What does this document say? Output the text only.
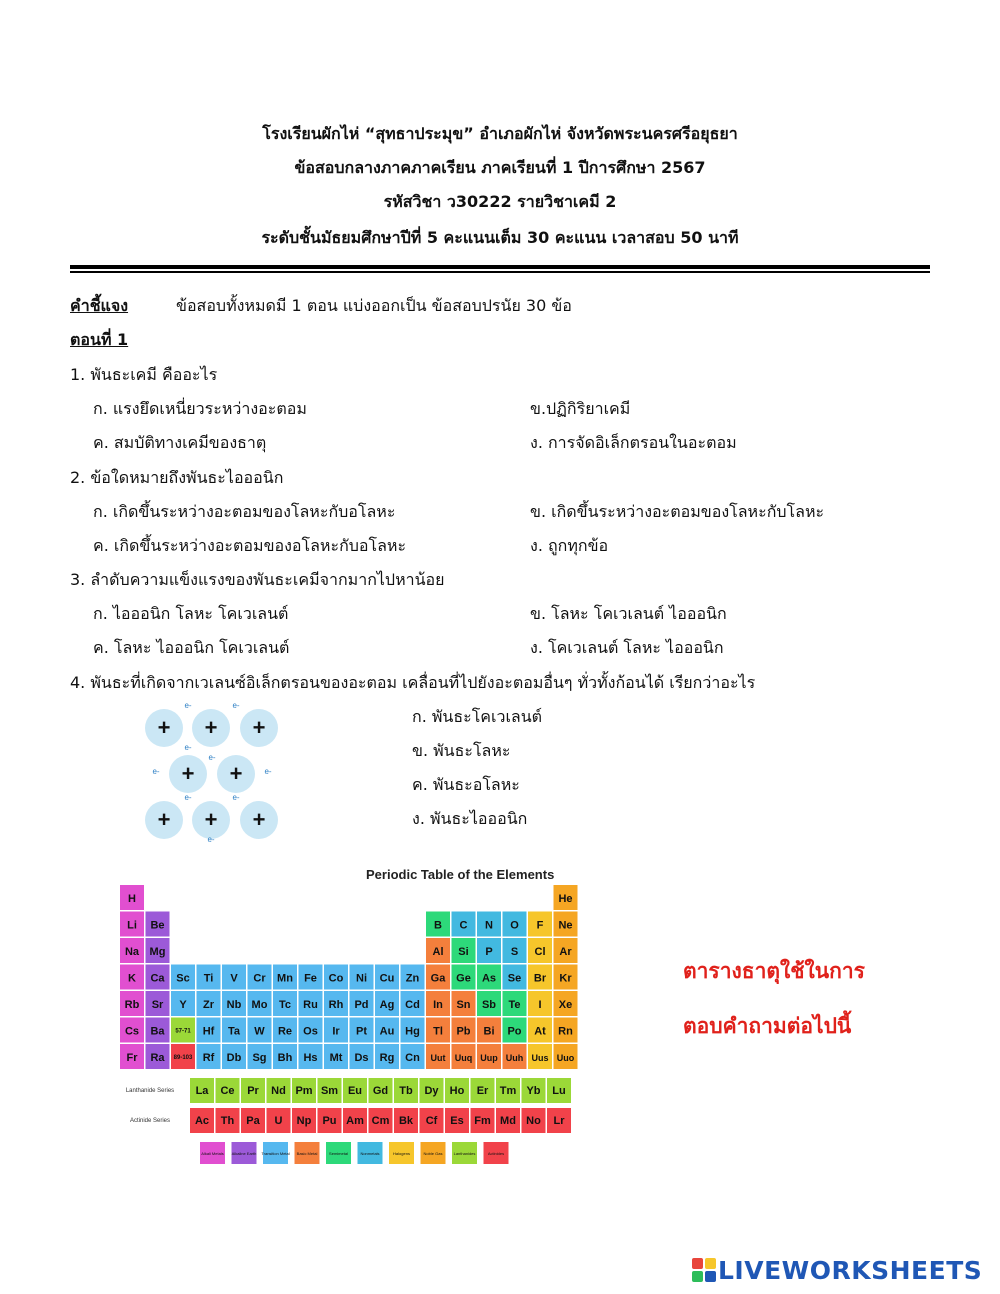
โรงเรียนผักไห่ “สุทธาประมุข” อำเภอผักไห่ จังหวัดพระนครศรีอยุธยา
ข้อสอบกลางภาคภาคเรียน ภาคเรียนที่ 1 ปีการศึกษา 2567
รหัสวิชา ว30222 รายวิชาเคมี 2
ระดับชั้นมัธยมศึกษาปีที่ 5 คะแนนเต็ม 30 คะแนน เวลาสอบ 50 นาที
คำชี้แจง	ข้อสอบทั้งหมดมี 1 ตอน แบ่งออกเป็น ข้อสอบปรนัย 30 ข้อ
ตอนที่ 1
1. พันธะเคมี คืออะไร
ก. แรงยึดเหนี่ยวระหว่างอะตอม	ข.ปฏิกิริยาเคมี
ค. สมบัติทางเคมีของธาตุ	ง. การจัดอิเล็กตรอนในอะตอม
2. ข้อใดหมายถึงพันธะไอออนิก
ก. เกิดขึ้นระหว่างอะตอมของโลหะกับอโลหะ	ข. เกิดขึ้นระหว่างอะตอมของโลหะกับโลหะ
ค. เกิดขึ้นระหว่างอะตอมของอโลหะกับอโลหะ	ง. ถูกทุกข้อ
3. ลำดับความแข็งแรงของพันธะเคมีจากมากไปหาน้อย
ก. ไอออนิก โลหะ โคเวเลนต์	ข. โลหะ โคเวเลนต์ ไอออนิก
ค. โลหะ ไอออนิก โคเวเลนต์	ง. โคเวเลนต์ โลหะ ไอออนิก
4. พันธะที่เกิดจากเวเลนซ์อิเล็กตรอนของอะตอม เคลื่อนที่ไปยังอะตอมอื่นๆ ทั่วทั้งก้อนได้ เรียกว่าอะไร
ก. พันธะโคเวเลนต์
ข. พันธะโลหะ
ค. พันธะอโลหะ
ง. พันธะไอออนิก
+ + +
+ +
+ + +
e-	e-
e-
e-	e-
e-	e-
e-
e-
Periodic Table of the Elements
H	He
Li Be	B C N O F Ne
Na Mg	Al Si P S Cl Ar
K Ca Sc Ti V Cr Mn Fe Co Ni Cu Zn Ga Ge As Se Br Kr
Rb Sr Y Zr Nb Mo Tc Ru Rh Pd Ag Cd In Sn Sb Te I Xe
Cs Ba 57-71 Hf Ta W Re Os Ir Pt Au Hg Tl Pb Bi Po At Rn
Fr Ra 89-103 Rf Db Sg Bh Hs Mt Ds Rg Cn Uut Uuq Uup Uuh Uus Uuo
La Ce Pr Nd Pm Sm Eu Gd Tb Dy Ho Er Tm Yb Lu
Ac Th Pa U Np Pu Am Cm Bk Cf Es Fm Md No Lr
Lanthanide Series
Actinide Series
Alkali Metals Alkaline Earth Transition Metal Basic Metal	Semimetal	Nonmetals	Halogens	Noble Gas	Lanthanides	Actinides
ตารางธาตุใช้ในการ
ตอบคำถามต่อไปนี้
LIVEWORKSHEETS
